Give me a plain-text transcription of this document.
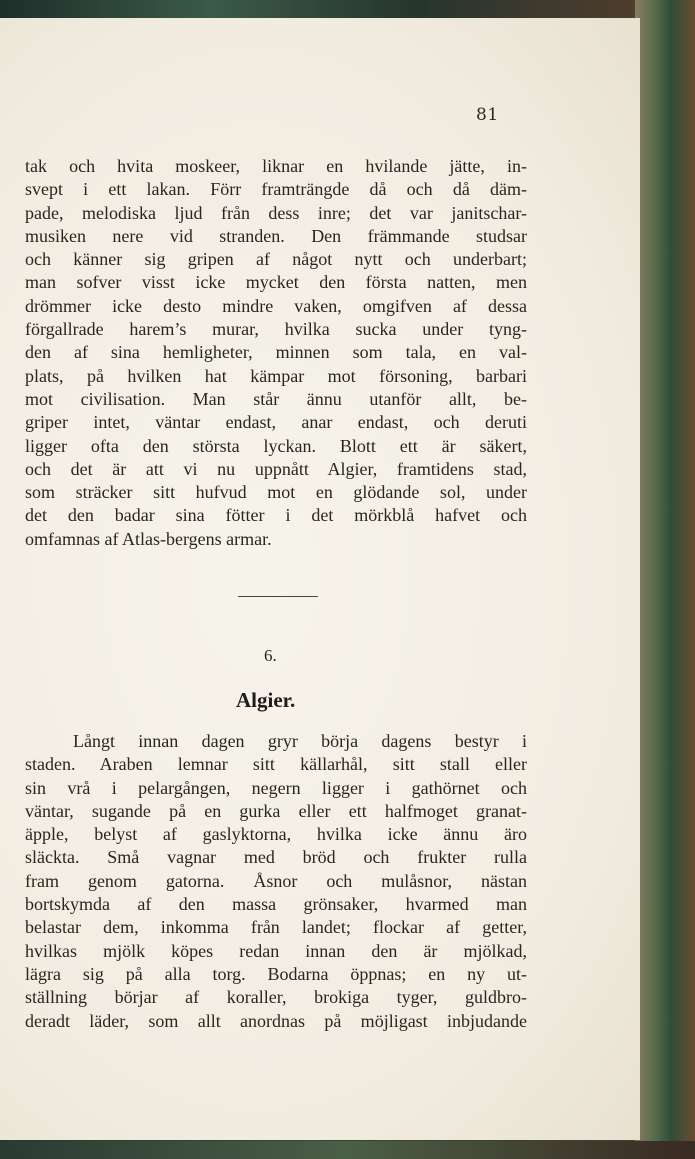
81
tak och hvita moskeer, liknar en hvilande jätte, in-
svept i ett lakan. Förr framträngde då och då däm-
pade, melodiska ljud från dess inre; det var janitschar-
musiken nere vid stranden. Den främmande studsar
och känner sig gripen af något nytt och underbart;
man sofver visst icke mycket den första natten, men
drömmer icke desto mindre vaken, omgifven af dessa
förgallrade harem’s murar, hvilka sucka under tyng-
den af sina hemligheter, minnen som tala, en val-
plats, på hvilken hat kämpar mot försoning, barbari
mot civilisation. Man står ännu utanför allt, be-
griper intet, väntar endast, anar endast, och deruti
ligger ofta den största lyckan. Blott ett är säkert,
och det är att vi nu uppnått Algier, framtidens stad,
som sträcker sitt hufvud mot en glödande sol, under
det den badar sina fötter i det mörkblå hafvet och
omfamnas af Atlas-bergens armar.
6.
Algier.
Långt innan dagen gryr börja dagens bestyr i
staden. Araben lemnar sitt källarhål, sitt stall eller
sin vrå i pelargången, negern ligger i gathörnet och
väntar, sugande på en gurka eller ett halfmoget granat-
äpple, belyst af gaslyktorna, hvilka icke ännu äro
släckta. Små vagnar med bröd och frukter rulla
fram genom gatorna. Åsnor och mulåsnor, nästan
bortskymda af den massa grönsaker, hvarmed man
belastar dem, inkomma från landet; flockar af getter,
hvilkas mjölk köpes redan innan den är mjölkad,
lägra sig på alla torg. Bodarna öppnas; en ny ut-
ställning börjar af koraller, brokiga tyger, guldbro-
deradt läder, som allt anordnas på möjligast inbjudande
